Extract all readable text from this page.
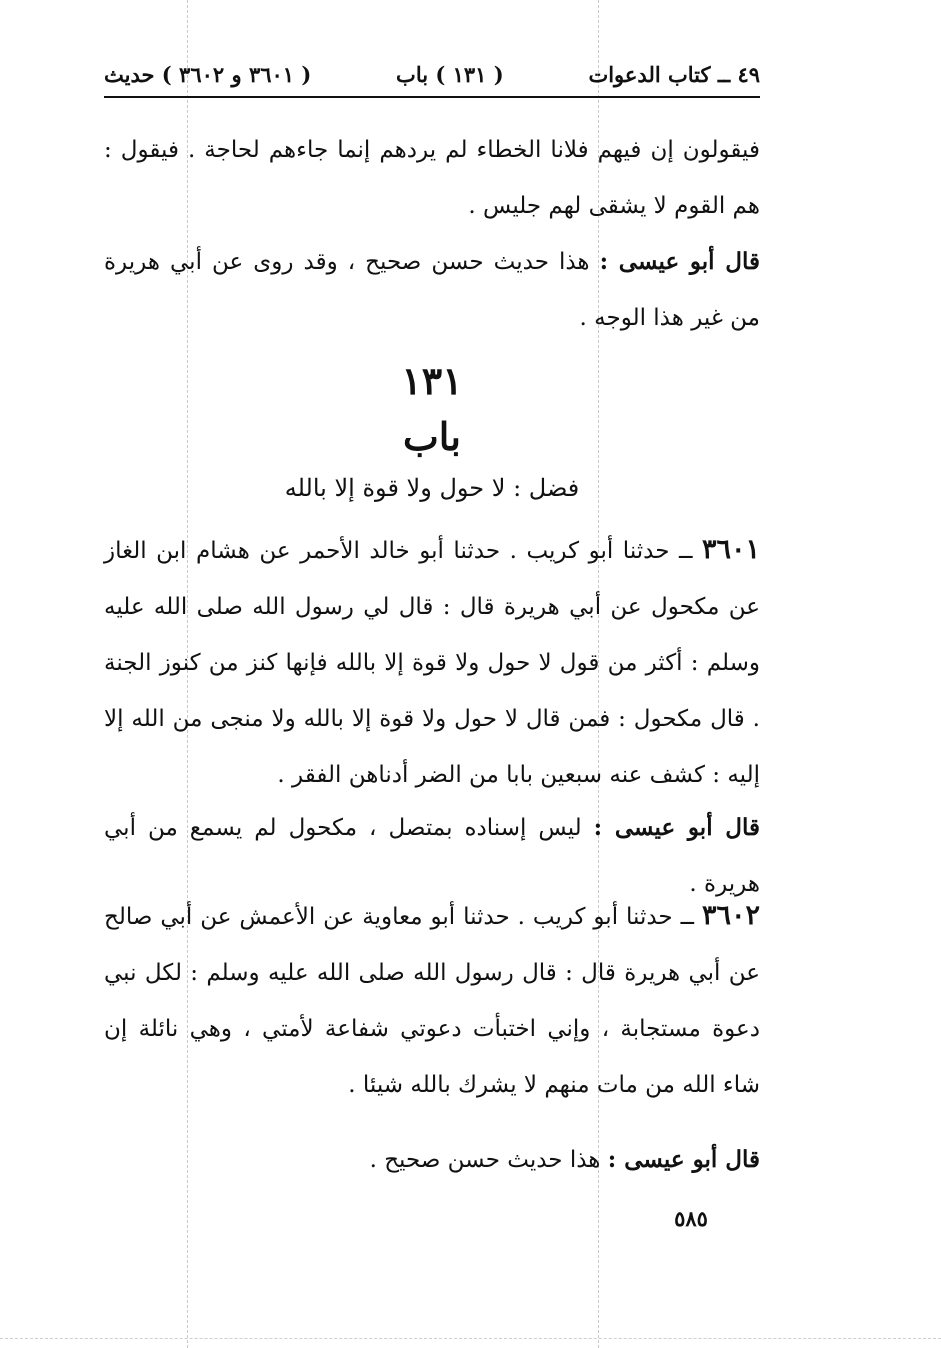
٤٩ ــ كتاب الدعوات
( ١٣١ ) باب
( ٣٦٠١ و ٣٦٠٢ ) حديث
فيقولون إن فيهم فلانا الخطاء لم يردهم إنما جاءهم لحاجة . فيقول : هم القوم لا يشقى لهم جليس .
قال أبو عيسى : هذا حديث حسن صحيح ، وقد روى عن أبي هريرة من غير هذا الوجه .
١٣١
باب
فضل : لا حول ولا قوة إلا بالله
٣٦٠١ ــ حدثنا أبو كريب . حدثنا أبو خالد الأحمر عن هشام ابن الغاز عن مكحول عن أبي هريرة قال : قال لي رسول الله صلى الله عليه وسلم : أكثر من قول لا حول ولا قوة إلا بالله فإنها كنز من كنوز الجنة . قال مكحول : فمن قال لا حول ولا قوة إلا بالله ولا منجى من الله إلا إليه : كشف عنه سبعين بابا من الضر أدناهن الفقر .
قال أبو عيسى : ليس إسناده بمتصل ، مكحول لم يسمع من أبي هريرة .
٣٦٠٢ ــ حدثنا أبو كريب . حدثنا أبو معاوية عن الأعمش عن أبي صالح عن أبي هريرة قال : قال رسول الله صلى الله عليه وسلم : لكل نبي دعوة مستجابة ، وإني اختبأت دعوتي شفاعة لأمتي ، وهي نائلة إن شاء الله من مات منهم لا يشرك بالله شيئا .
قال أبو عيسى : هذا حديث حسن صحيح .
٥٨٥
